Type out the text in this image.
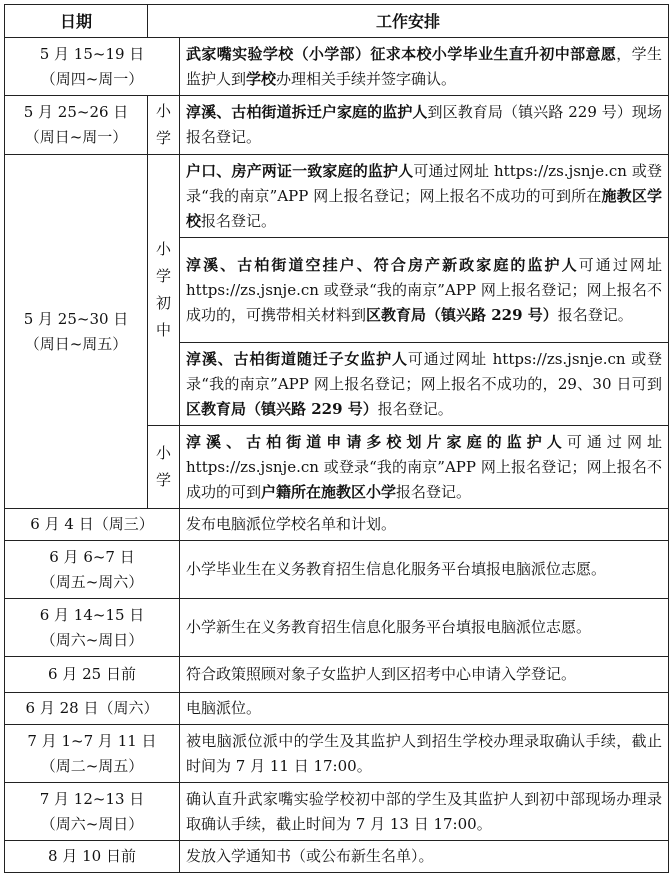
日期	工作安排	

5 月 15~19 日
（周四~周一）		武家嘴实验学校（小学部）征求本校小学毕业生直升初中部意愿，学生监护人到学校办理相关手续并签字确认。

5 月 25~26 日
（周日~周一）	小学	淳溪、古柏街道拆迁户家庭的监护人到区教育局（镇兴路 229 号）现场报名登记。

5 月 25~30 日
（周日~周五）	小学初中	户口、房产两证一致家庭的监护人可通过网址 https://zs.jsnje.cn 或登录“我的南京”APP 网上报名登记；网上报名不成功的可到所在施教区学校报名登记。
		淳溪、古柏街道空挂户、符合房产新政家庭的监护人可通过网址 https://zs.jsnje.cn 或登录“我的南京”APP 网上报名登记；网上报名不成功的，可携带相关材料到区教育局（镇兴路 229 号）报名登记。
		淳溪、古柏街道随迁子女监护人可通过网址 https://zs.jsnje.cn 或登录“我的南京”APP 网上报名登记；网上报名不成功的，29、30 日可到区教育局（镇兴路 229 号）报名登记。
	小学	淳溪、古柏街道申请多校划片家庭的监护人可通过网址 https://zs.jsnje.cn 或登录“我的南京”APP 网上报名登记；网上报名不成功的可到户籍所在施教区小学报名登记。

6 月 4 日（周三）		发布电脑派位学校名单和计划。

6 月 6~7 日
（周五~周六）		小学毕业生在义务教育招生信息化服务平台填报电脑派位志愿。

6 月 14~15 日
（周六~周日）		小学新生在义务教育招生信息化服务平台填报电脑派位志愿。

6 月 25 日前		符合政策照顾对象子女监护人到区招考中心申请入学登记。

6 月 28 日（周六）		电脑派位。

7 月 1~7 月 11 日
（周二~周五）		被电脑派位派中的学生及其监护人到招生学校办理录取确认手续，截止时间为 7 月 11 日 17:00。

7 月 12~13 日
（周六~周日）		确认直升武家嘴实验学校初中部的学生及其监护人到初中部现场办理录取确认手续，截止时间为 7 月 13 日 17:00。

8 月 10 日前		发放入学通知书（或公布新生名单）。
